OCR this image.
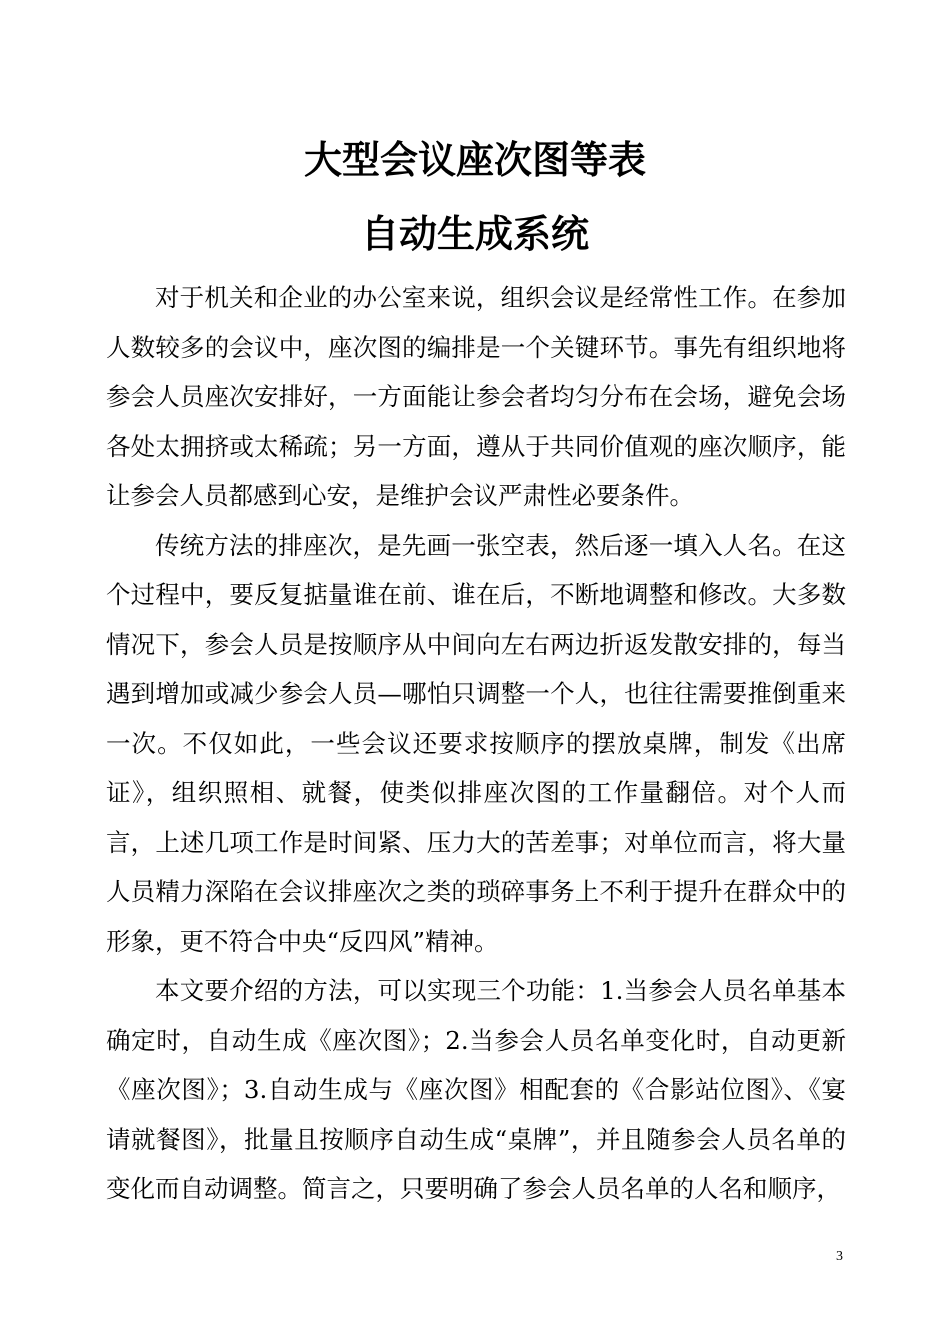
大型会议座次图等表
自动生成系统

对于机关和企业的办公室来说，组织会议是经常性工作。在参加人数较多的会议中，座次图的编排是一个关键环节。事先有组织地将参会人员座次安排好，一方面能让参会者均匀分布在会场，避免会场各处太拥挤或太稀疏；另一方面，遵从于共同价值观的座次顺序，能让参会人员都感到心安，是维护会议严肃性必要条件。

传统方法的排座次，是先画一张空表，然后逐一填入人名。在这个过程中，要反复掂量谁在前、谁在后，不断地调整和修改。大多数情况下，参会人员是按顺序从中间向左右两边折返发散安排的，每当遇到增加或减少参会人员—哪怕只调整一个人，也往往需要推倒重来一次。不仅如此，一些会议还要求按顺序的摆放桌牌，制发《出席证》，组织照相、就餐，使类似排座次图的工作量翻倍。对个人而言，上述几项工作是时间紧、压力大的苦差事；对单位而言，将大量人员精力深陷在会议排座次之类的琐碎事务上不利于提升在群众中的形象，更不符合中央“反四风”精神。

本文要介绍的方法，可以实现三个功能：1.当参会人员名单基本确定时，自动生成《座次图》；2.当参会人员名单变化时，自动更新《座次图》；3.自动生成与《座次图》相配套的《合影站位图》、《宴请就餐图》，批量且按顺序自动生成“桌牌”，并且随参会人员名单的变化而自动调整。简言之，只要明确了参会人员名单的人名和顺序，

3
